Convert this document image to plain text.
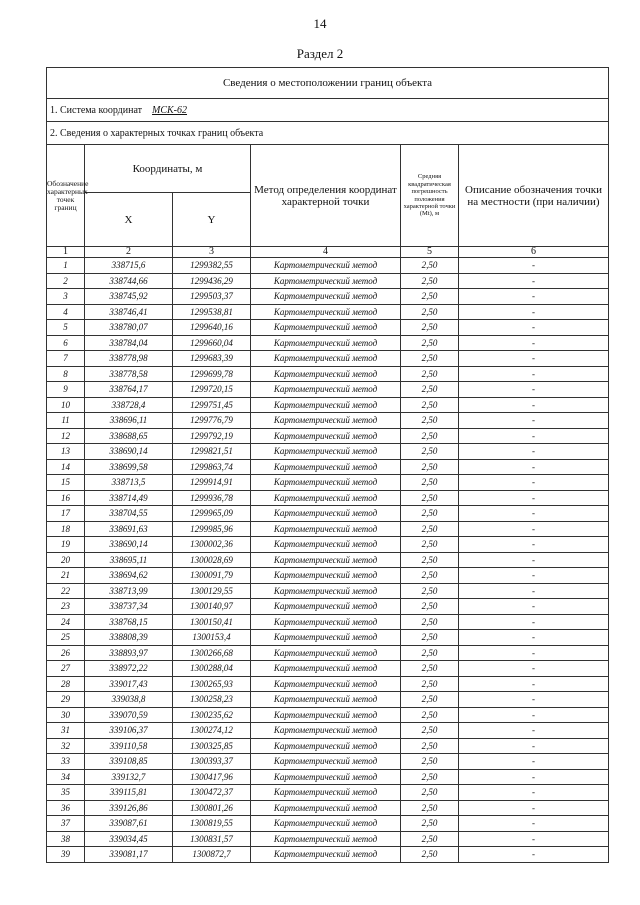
14
Раздел 2
Сведения о местоположении границ объекта					
1. Система координат МСК-62					
2. Сведения о характерных точках границ объекта					
Обозначение характерных точек границ	Координаты, м		Метод определения координат характерной точки	Средняя квадратическая погрешность положения характерной точки (Mt), м	Описание обозначения точки на местности (при наличии)
	X	Y			
1	2	3	4	5	6
1	338715,6	1299382,55	Картометрический метод	2,50	-
2	338744,66	1299436,29	Картометрический метод	2,50	-
3	338745,92	1299503,37	Картометрический метод	2,50	-
4	338746,41	1299538,81	Картометрический метод	2,50	-
5	338780,07	1299640,16	Картометрический метод	2,50	-
6	338784,04	1299660,04	Картометрический метод	2,50	-
7	338778,98	1299683,39	Картометрический метод	2,50	-
8	338778,58	1299699,78	Картометрический метод	2,50	-
9	338764,17	1299720,15	Картометрический метод	2,50	-
10	338728,4	1299751,45	Картометрический метод	2,50	-
11	338696,11	1299776,79	Картометрический метод	2,50	-
12	338688,65	1299792,19	Картометрический метод	2,50	-
13	338690,14	1299821,51	Картометрический метод	2,50	-
14	338699,58	1299863,74	Картометрический метод	2,50	-
15	338713,5	1299914,91	Картометрический метод	2,50	-
16	338714,49	1299936,78	Картометрический метод	2,50	-
17	338704,55	1299965,09	Картометрический метод	2,50	-
18	338691,63	1299985,96	Картометрический метод	2,50	-
19	338690,14	1300002,36	Картометрический метод	2,50	-
20	338695,11	1300028,69	Картометрический метод	2,50	-
21	338694,62	1300091,79	Картометрический метод	2,50	-
22	338713,99	1300129,55	Картометрический метод	2,50	-
23	338737,34	1300140,97	Картометрический метод	2,50	-
24	338768,15	1300150,41	Картометрический метод	2,50	-
25	338808,39	1300153,4	Картометрический метод	2,50	-
26	338893,97	1300266,68	Картометрический метод	2,50	-
27	338972,22	1300288,04	Картометрический метод	2,50	-
28	339017,43	1300265,93	Картометрический метод	2,50	-
29	339038,8	1300258,23	Картометрический метод	2,50	-
30	339070,59	1300235,62	Картометрический метод	2,50	-
31	339106,37	1300274,12	Картометрический метод	2,50	-
32	339110,58	1300325,85	Картометрический метод	2,50	-
33	339108,85	1300393,37	Картометрический метод	2,50	-
34	339132,7	1300417,96	Картометрический метод	2,50	-
35	339115,81	1300472,37	Картометрический метод	2,50	-
36	339126,86	1300801,26	Картометрический метод	2,50	-
37	339087,61	1300819,55	Картометрический метод	2,50	-
38	339034,45	1300831,57	Картометрический метод	2,50	-
39	339081,17	1300872,7	Картометрический метод	2,50	-
